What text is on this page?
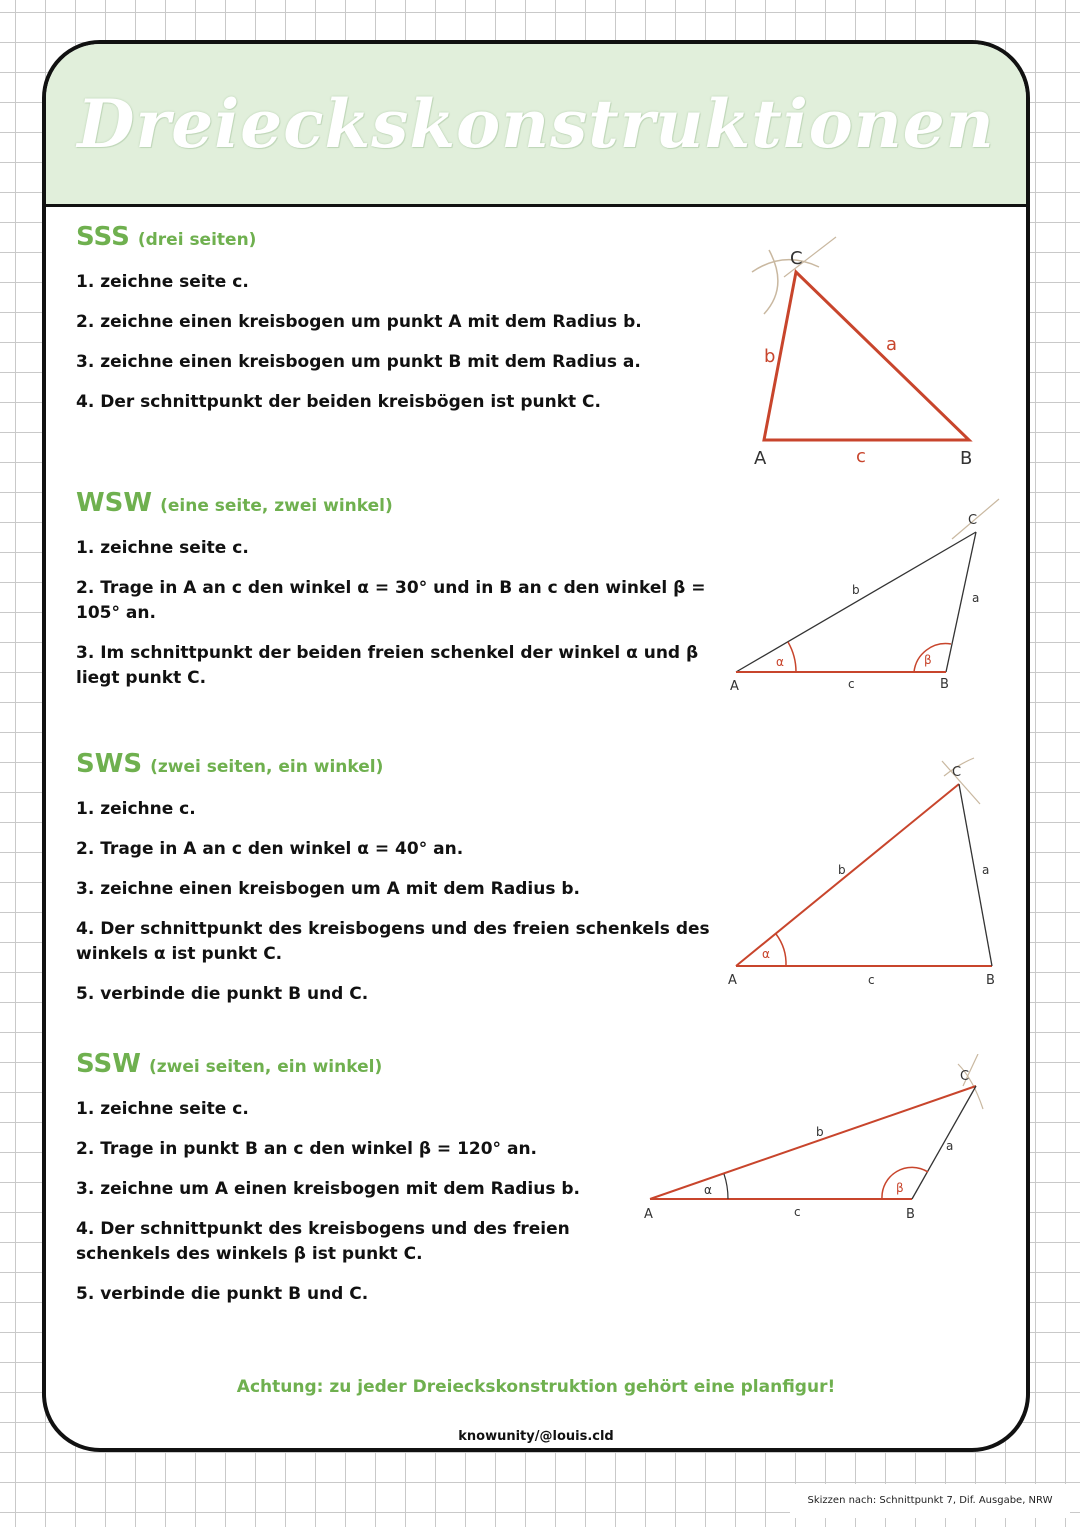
Dreieckskonstruktionen
SSS (drei seiten)
1. zeichne seite c.
2. zeichne einen kreisbogen um punkt A mit dem Radius b.
3. zeichne einen kreisbogen um punkt B mit dem Radius a.
4. Der schnittpunkt der beiden kreisbögen ist punkt C.
WSW (eine seite, zwei winkel)
1. zeichne seite c.
2. Trage in A an c den winkel α = 30° und in B an c den winkel β = 105° an.
3. Im schnittpunkt der beiden freien schenkel der winkel α und β liegt punkt C.
SWS (zwei seiten, ein winkel)
1. zeichne c.
2. Trage in A an c den winkel α = 40° an.
3. zeichne einen kreisbogen um A mit dem Radius b.
4. Der schnittpunkt des kreisbogens und des freien schenkels des winkels α ist punkt C.
5. verbinde die punkt B und C.
SSW (zwei seiten, ein winkel)
1. zeichne seite c.
2. Trage in punkt B an c den winkel β = 120° an.
3. zeichne um A einen kreisbogen mit dem Radius b.
4. Der schnittpunkt des kreisbogens und des freien schenkels des winkels β ist punkt C.
5. verbinde die punkt B und C.
C
A	B
a
b
c
C
A	B
a
b
c
α	β
C
A	B
a
b
c
α
C
A	B
a
b
c
α	β
Achtung: zu jeder Dreieckskonstruktion gehört eine planfigur!
knowunity/@louis.cld
Skizzen nach: Schnittpunkt 7, Dif. Ausgabe, NRW
